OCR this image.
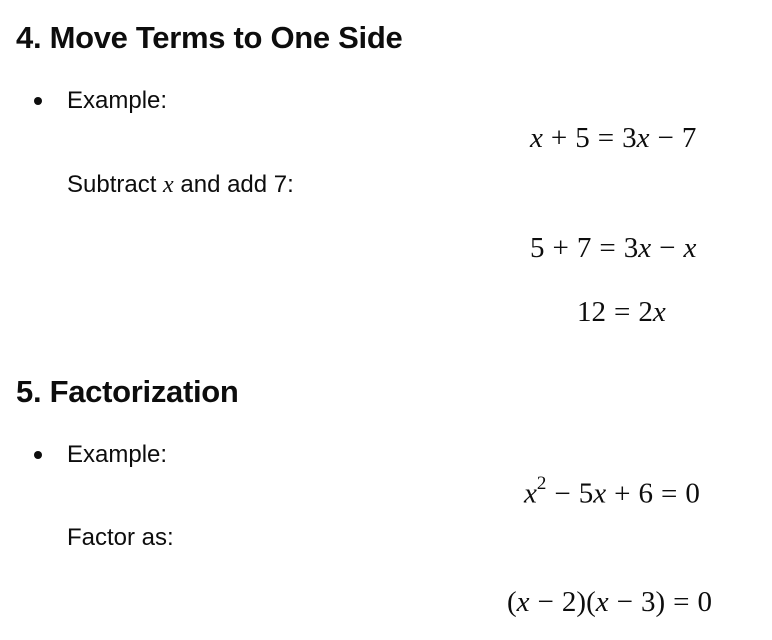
4. Move Terms to One Side
Example:
x + 5 = 3x − 7
Subtract x and add 7:
5 + 7 = 3x − x
12 = 2x
5. Factorization
Example:
$x^2 - 5x + 6 = 0$
Factor as:
(x − 2)(x − 3) = 0
